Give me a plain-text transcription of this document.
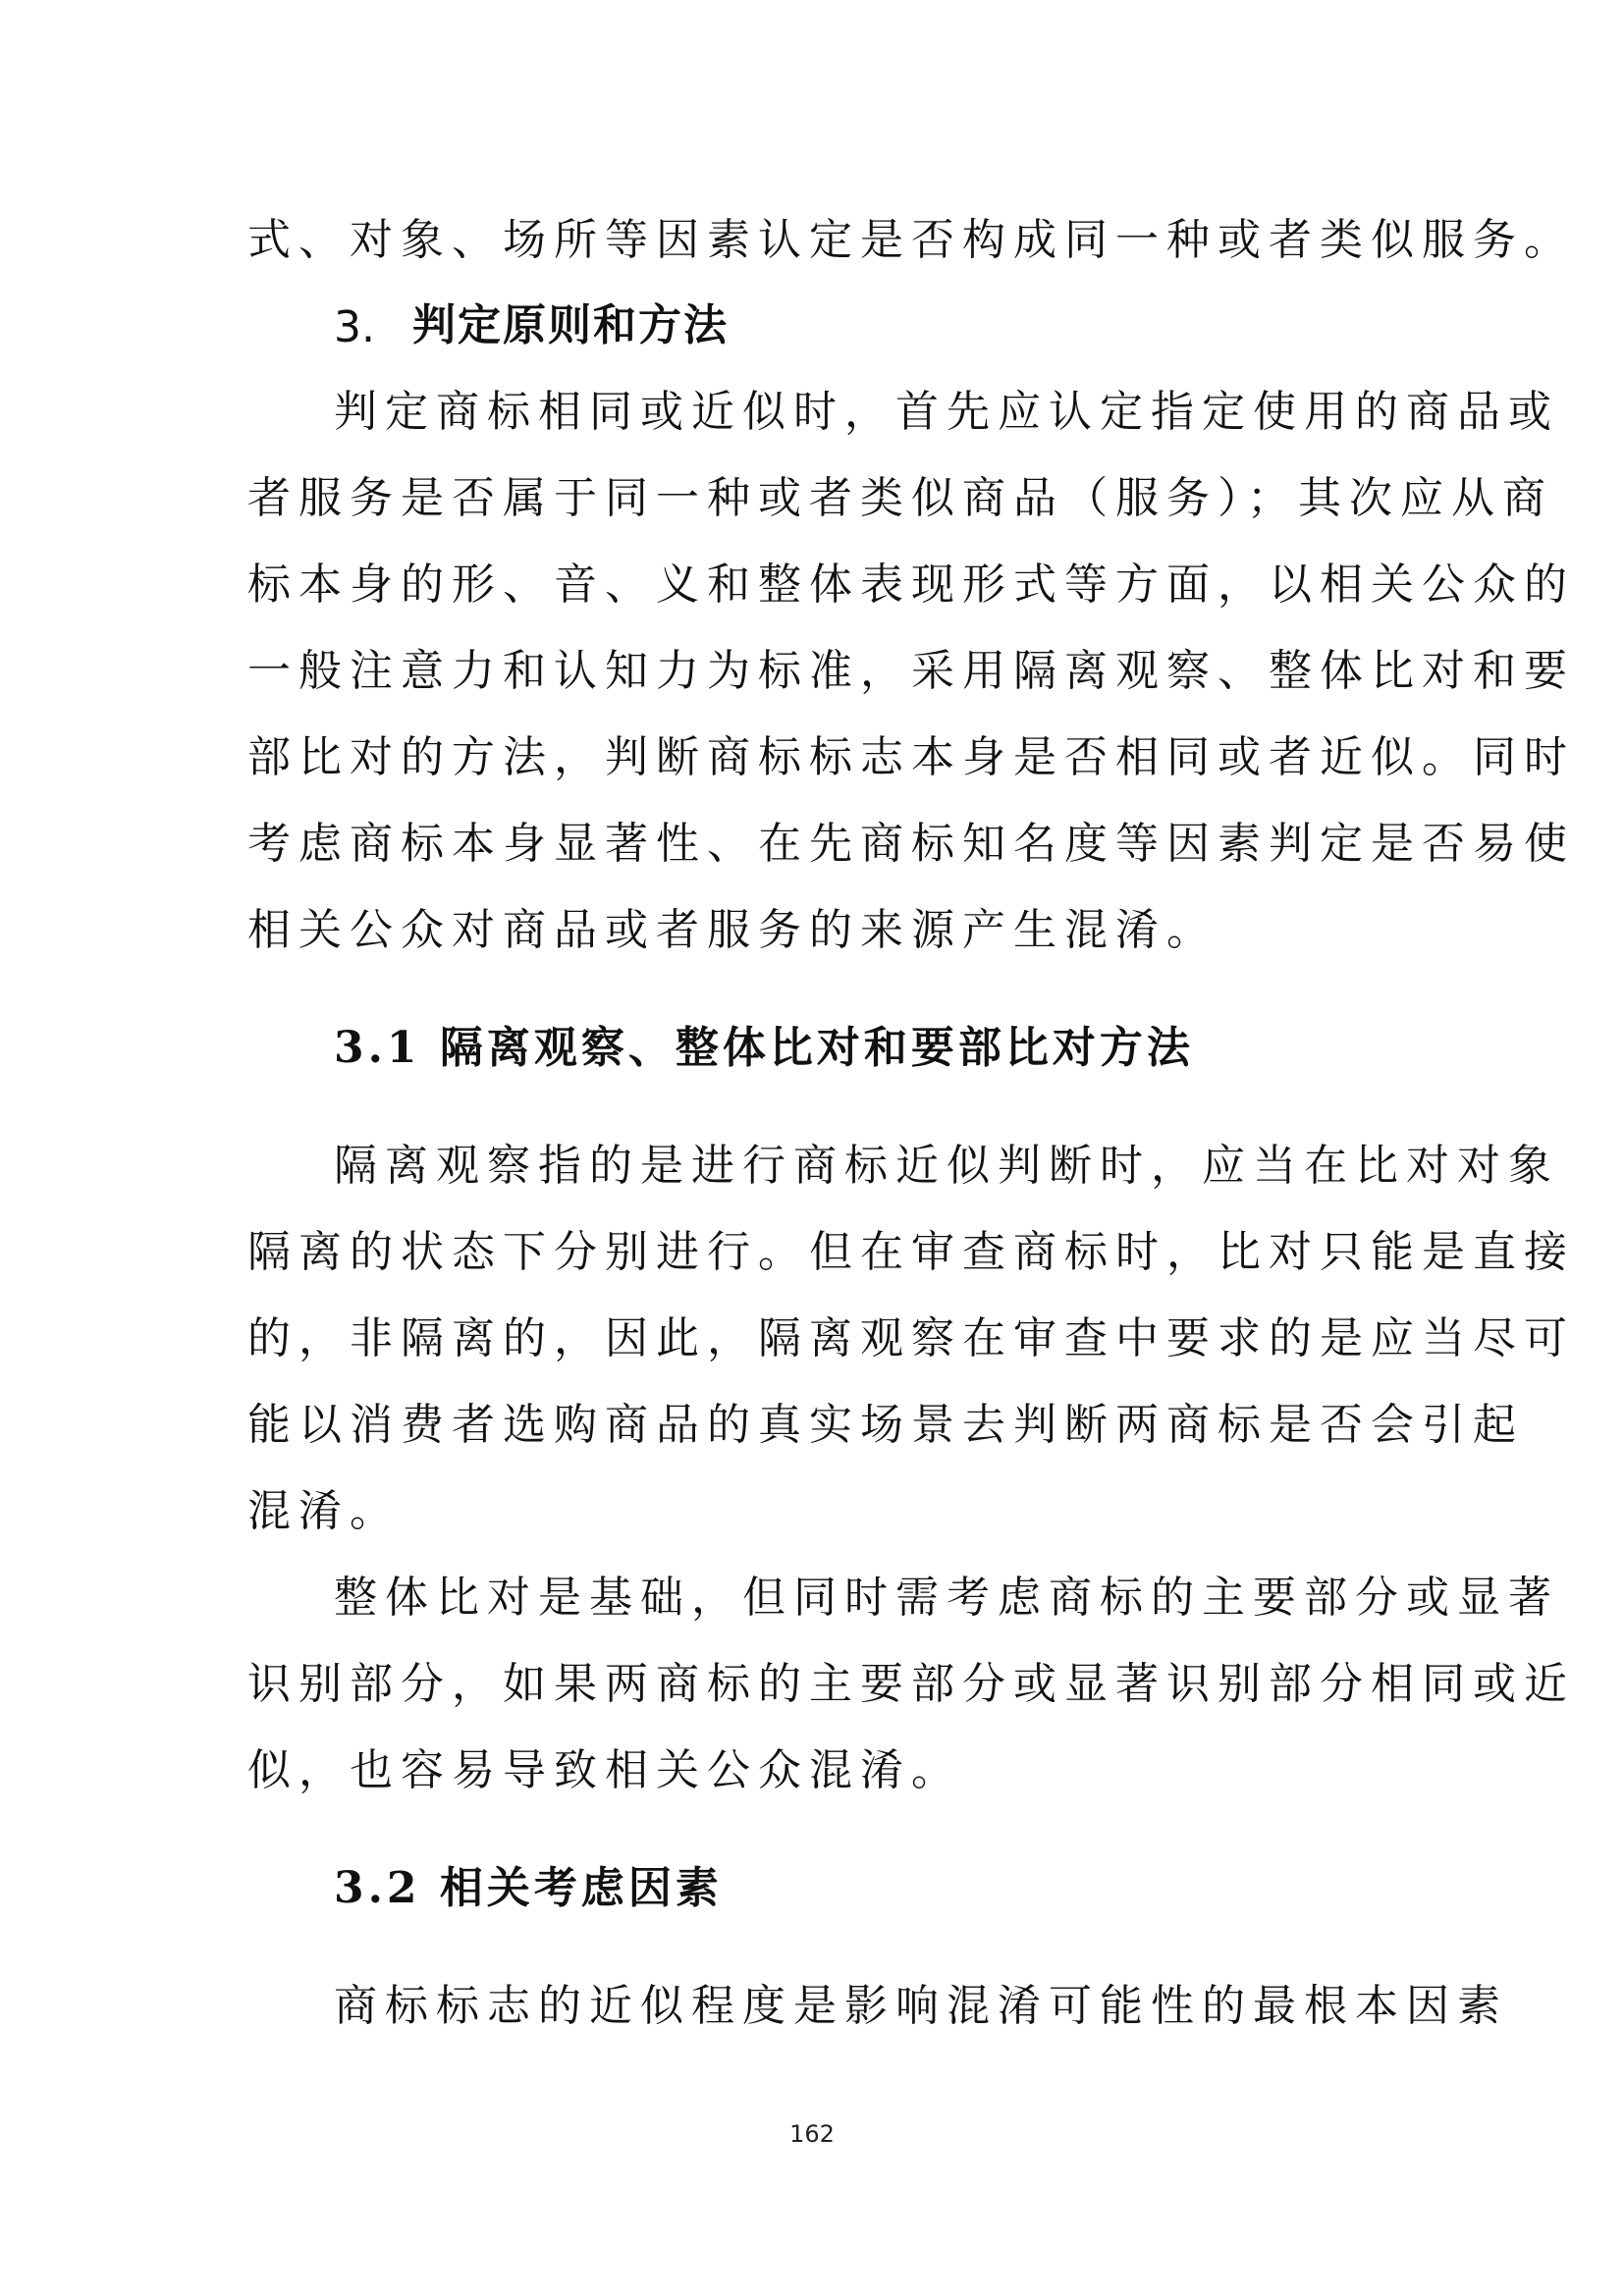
式、对象、场所等因素认定是否构成同一种或者类似服务。

3. 判定原则和方法

判定商标相同或近似时，首先应认定指定使用的商品或

者服务是否属于同一种或者类似商品（服务）；其次应从商

标本身的形、音、义和整体表现形式等方面，以相关公众的

一般注意力和认知力为标准，采用隔离观察、整体比对和要

部比对的方法，判断商标标志本身是否相同或者近似。同时

考虑商标本身显著性、在先商标知名度等因素判定是否易使

相关公众对商品或者服务的来源产生混淆。

3.1 隔离观察、整体比对和要部比对方法

隔离观察指的是进行商标近似判断时，应当在比对对象

隔离的状态下分别进行。但在审查商标时，比对只能是直接

的，非隔离的，因此，隔离观察在审查中要求的是应当尽可

能以消费者选购商品的真实场景去判断两商标是否会引起

混淆。

整体比对是基础，但同时需考虑商标的主要部分或显著

识别部分，如果两商标的主要部分或显著识别部分相同或近

似，也容易导致相关公众混淆。

3.2 相关考虑因素

商标标志的近似程度是影响混淆可能性的最根本因素

162
